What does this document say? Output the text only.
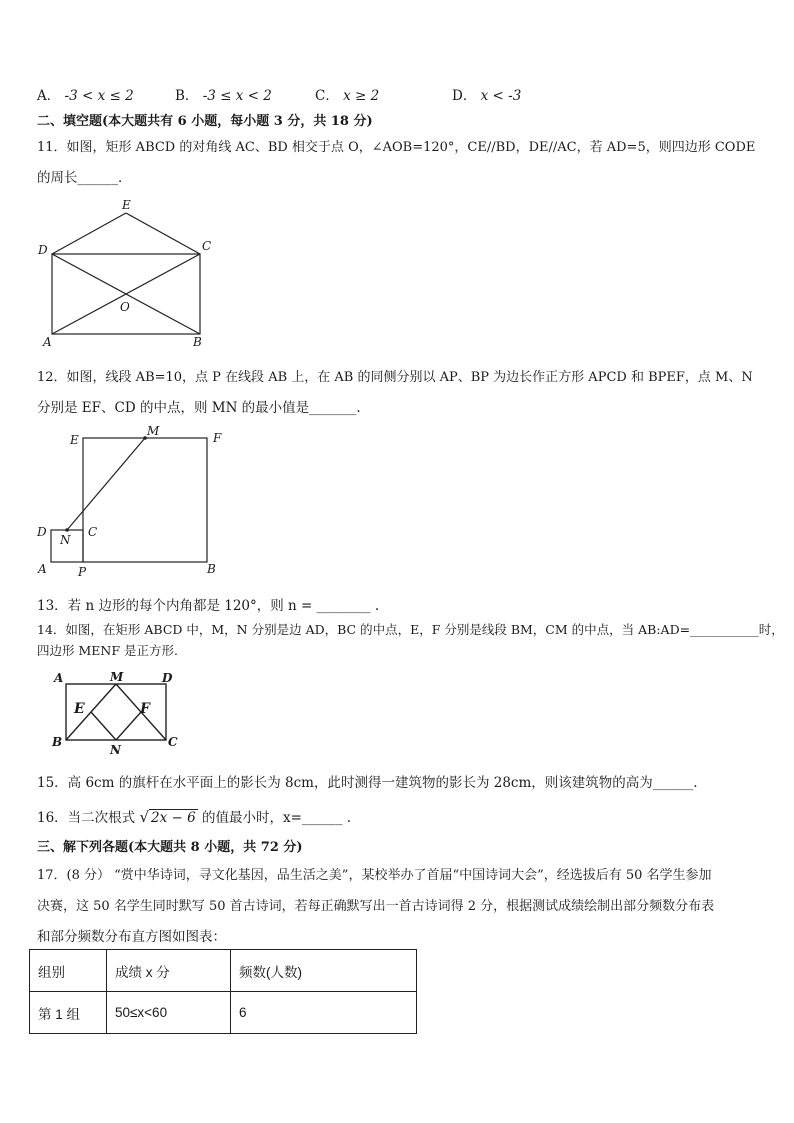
A． -3 < x ≤ 2	B． -3 ≤ x < 2	C． x ≥ 2	D． x < -3
二、填空题(本大题共有 6 小题，每小题 3 分，共 18 分)
11．如图，矩形 ABCD 的对角线 AC、BD 相交于点 O，∠AOB=120°，CE//BD，DE//AC，若 AD=5，则四边形 CODE
的周长______．
E
D	C
O
A	B
12．如图，线段 AB=10，点 P 在线段 AB 上，在 AB 的同侧分别以 AP、BP 为边长作正方形 APCD 和 BPEF，点 M、N
分别是 EF、CD 的中点，则 MN 的最小值是_______.
E
M	F
D
N
C
A	P	B
13．若 n 边形的每个内角都是 120°，则 n = ________ .
14．如图，在矩形 ABCD 中，M，N 分别是边 AD，BC 的中点，E，F 分别是线段 BM，CM 的中点，当 AB:AD=___________时，
四边形 MENF 是正方形.
A	M	D
E	F
B
N
C
15．高 6cm 的旗杆在水平面上的影长为 8cm，此时测得一建筑物的影长为 28cm，则该建筑物的高为______.
16．当二次根式 √ 2x − 6 的值最小时，x=______ .
三、解下列各题(本大题共 8 小题，共 72 分)
17．(8 分） “赏中华诗词，寻文化基因，品生活之美”，某校举办了首届“中国诗词大会”，经选拔后有 50 名学生参加
决赛，这 50 名学生同时默写 50 首古诗词，若每正确默写出一首古诗词得 2 分，根据测试成绩绘制出部分频数分布表
和部分频数分布直方图如图表：
组别	成绩 x 分	频数(人数)
第 1 组	50≤x<60	6
